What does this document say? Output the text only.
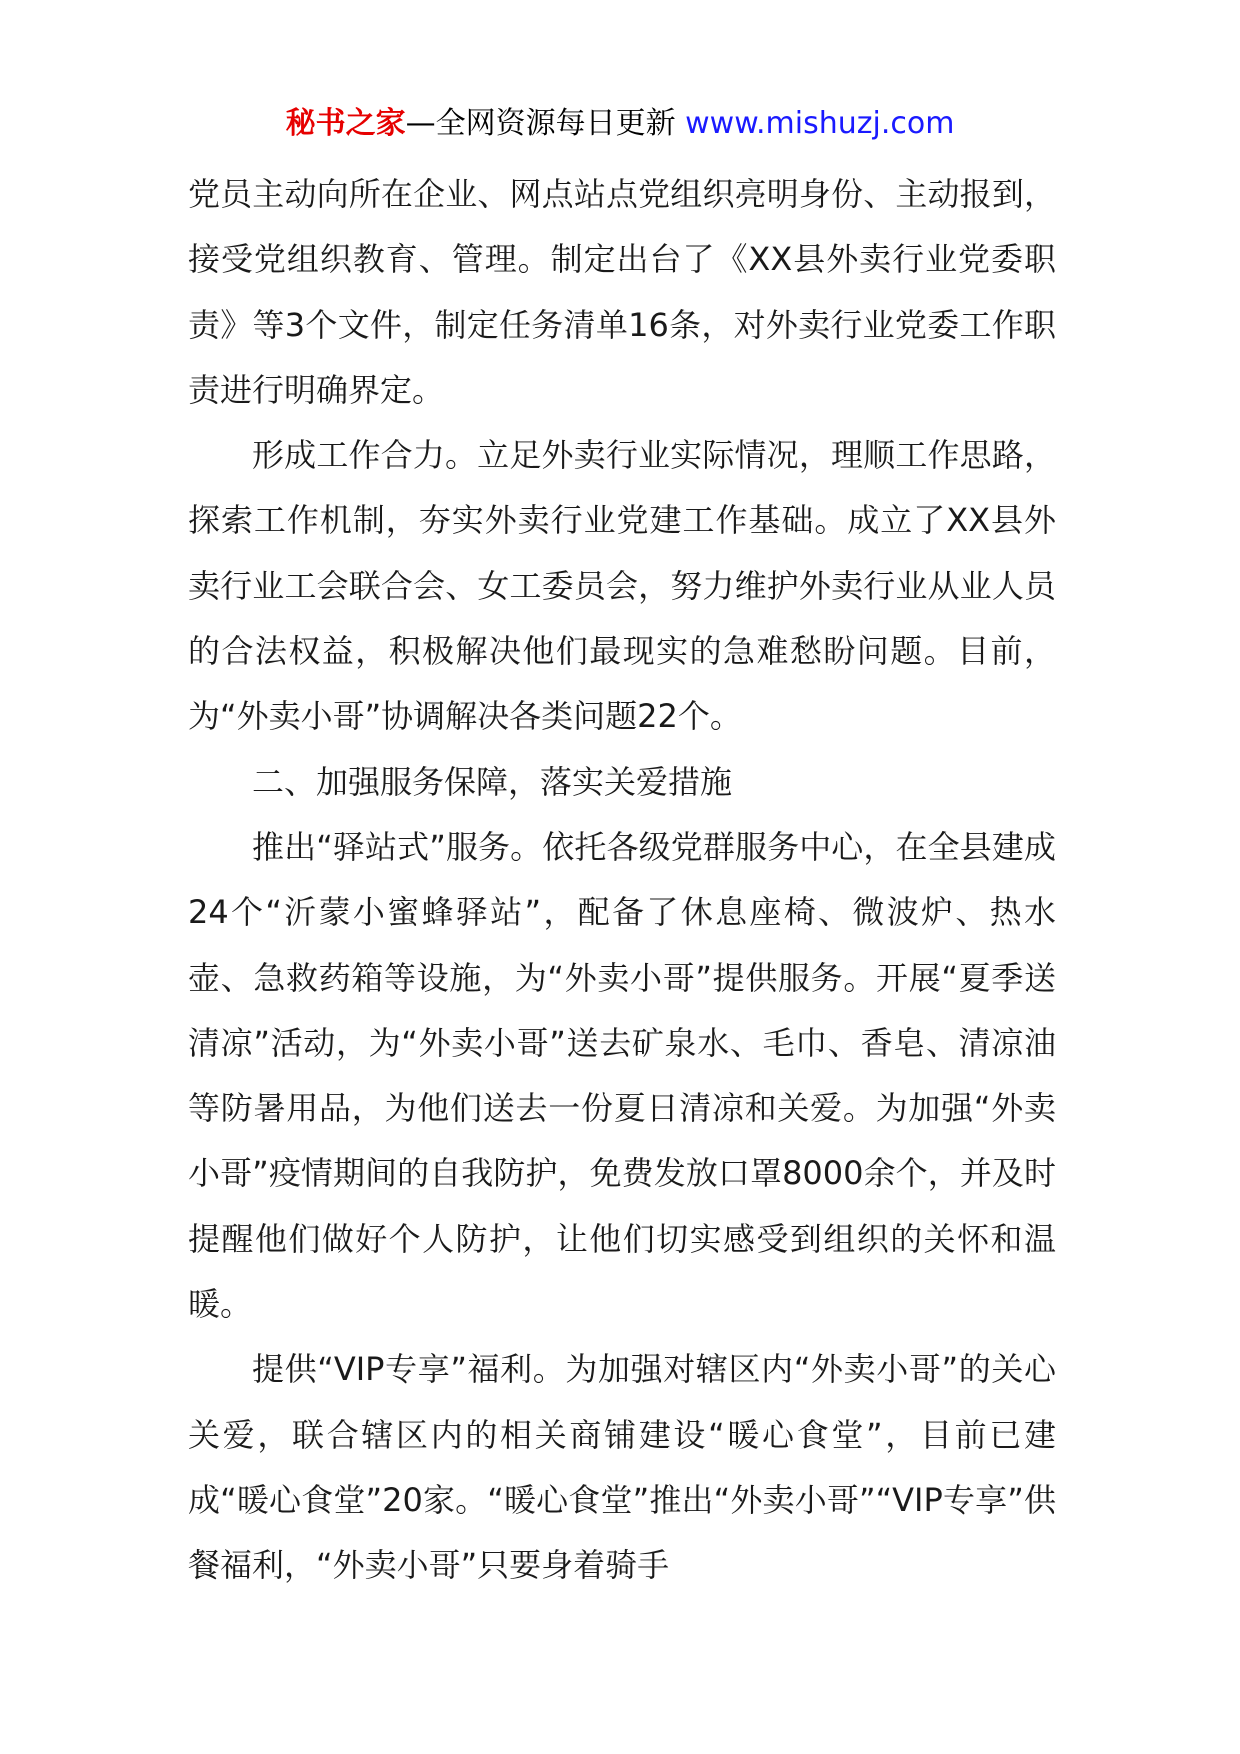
秘书之家—全网资源每日更新 www.mishuzj.com

党员主动向所在企业、网点站点党组织亮明身份、主动报到，接受党组织教育、管理。制定出台了《XX县外卖行业党委职责》等3个文件，制定任务清单16条，对外卖行业党委工作职责进行明确界定。

形成工作合力。立足外卖行业实际情况，理顺工作思路，探索工作机制，夯实外卖行业党建工作基础。成立了XX县外卖行业工会联合会、女工委员会，努力维护外卖行业从业人员的合法权益，积极解决他们最现实的急难愁盼问题。目前，为“外卖小哥”协调解决各类问题22个。

二、加强服务保障，落实关爱措施

推出“驿站式”服务。依托各级党群服务中心，在全县建成24个“沂蒙小蜜蜂驿站”，配备了休息座椅、微波炉、热水壶、急救药箱等设施，为“外卖小哥”提供服务。开展“夏季送清凉”活动，为“外卖小哥”送去矿泉水、毛巾、香皂、清凉油等防暑用品，为他们送去一份夏日清凉和关爱。为加强“外卖小哥”疫情期间的自我防护，免费发放口罩8000余个，并及时提醒他们做好个人防护，让他们切实感受到组织的关怀和温暖。

提供“VIP专享”福利。为加强对辖区内“外卖小哥”的关心关爱，联合辖区内的相关商铺建设“暖心食堂”，目前已建成“暖心食堂”20家。“暖心食堂”推出“外卖小哥”“VIP专享”供餐福利，“外卖小哥”只要身着骑手
